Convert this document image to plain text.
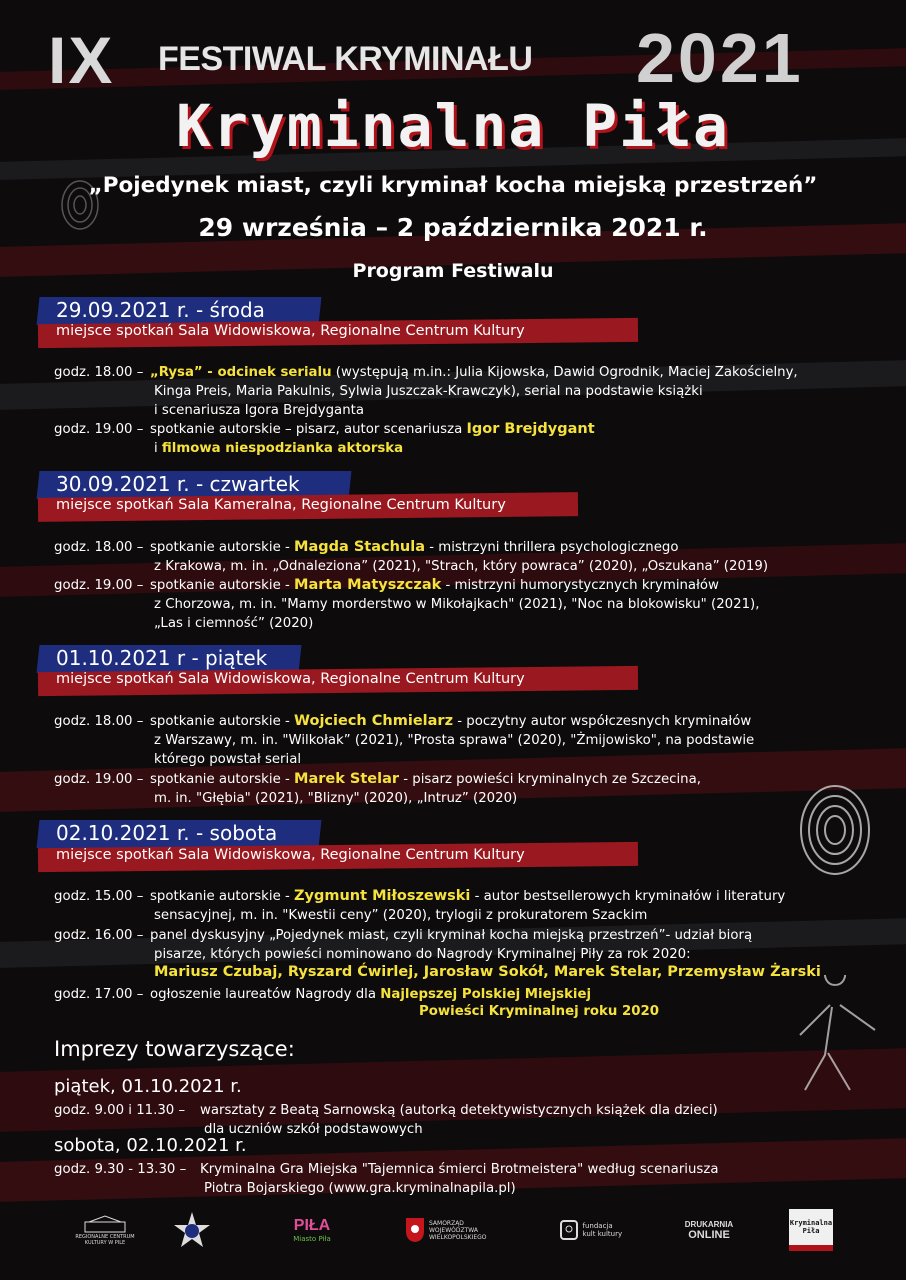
IX FESTIWAL KRYMINAŁU 2021
Kryminalna Piła
„Pojedynek miast, czyli kryminał kocha miejską przestrzeń”
29 września – 2 października 2021 r.
Program Festiwalu
29.09.2021 r. - środa
miejsce spotkań Sala Widowiskowa, Regionalne Centrum Kultury
godz. 18.00 – „Rysa” - odcinek serialu (występują m.in.: Julia Kijowska, Dawid Ogrodnik, Maciej Zakościelny,
Kinga Preis, Maria Pakulnis, Sylwia Juszczak-Krawczyk), serial na podstawie książki
i scenariusza Igora Brejdyganta
godz. 19.00 – spotkanie autorskie – pisarz, autor scenariusza Igor Brejdygant
i filmowa niespodzianka aktorska
30.09.2021 r. - czwartek
miejsce spotkań Sala Kameralna, Regionalne Centrum Kultury
godz. 18.00 – spotkanie autorskie - Magda Stachula - mistrzyni thrillera psychologicznego
z Krakowa, m. in. „Odnaleziona” (2021), "Strach, który powraca” (2020), „Oszukana” (2019)
godz. 19.00 – spotkanie autorskie - Marta Matyszczak - mistrzyni humorystycznych kryminałów
z Chorzowa, m. in. "Mamy morderstwo w Mikołajkach" (2021), "Noc na blokowisku" (2021),
„Las i ciemność” (2020)
01.10.2021 r - piątek
miejsce spotkań Sala Widowiskowa, Regionalne Centrum Kultury
godz. 18.00 – spotkanie autorskie - Wojciech Chmielarz - poczytny autor współczesnych kryminałów
z Warszawy, m. in. "Wilkołak” (2021), "Prosta sprawa" (2020), "Żmijowisko", na podstawie
którego powstał serial
godz. 19.00 – spotkanie autorskie - Marek Stelar - pisarz powieści kryminalnych ze Szczecina,
m. in. "Głębia" (2021), "Blizny" (2020), „Intruz” (2020)
02.10.2021 r. - sobota
miejsce spotkań Sala Widowiskowa, Regionalne Centrum Kultury
godz. 15.00 – spotkanie autorskie - Zygmunt Miłoszewski - autor bestsellerowych kryminałów i literatury
sensacyjnej, m. in. "Kwestii ceny” (2020), trylogii z prokuratorem Szackim
godz. 16.00 – panel dyskusyjny „Pojedynek miast, czyli kryminał kocha miejską przestrzeń”- udział biorą
pisarze, których powieści nominowano do Nagrody Kryminalnej Piły za rok 2020:
Mariusz Czubaj, Ryszard Ćwirlej, Jarosław Sokół, Marek Stelar, Przemysław Żarski
godz. 17.00 – ogłoszenie laureatów Nagrody dla Najlepszej Polskiej Miejskiej
Powieści Kryminalnej roku 2020
Imprezy towarzyszące:
piątek, 01.10.2021 r.
godz. 9.00 i 11.30 – warsztaty z Beatą Sarnowską (autorką detektywistycznych książek dla dzieci)
dla uczniów szkół podstawowych
sobota, 02.10.2021 r.
godz. 9.30 - 13.30 – Kryminalna Gra Miejska "Tajemnica śmierci Brotmeistera" według scenariusza
Piotra Bojarskiego (www.gra.kryminalnapila.pl)
REGIONALNE CENTRUM KULTURY W PILE
PIŁA
Miasto Piła
SAMORZĄD WOJEWÓDZTWA WIELKOPOLSKIEGO
fundacja kult kultury
DRUKARNIA
ONLINE
Kryminalna Piła
